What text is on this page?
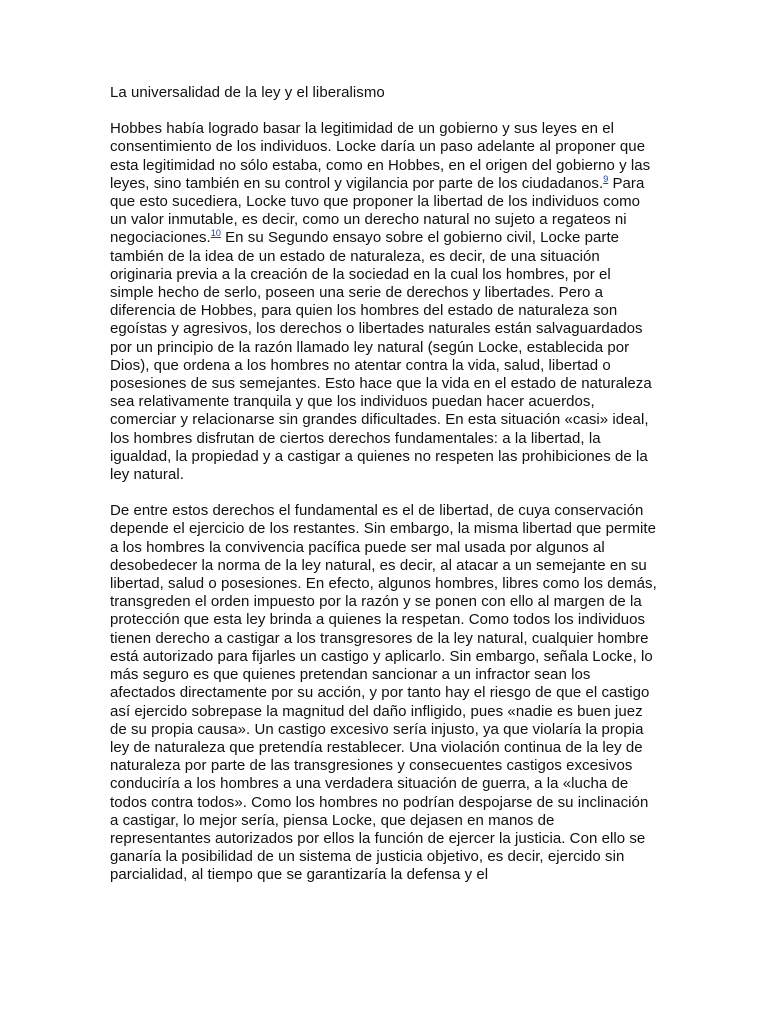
La universalidad de la ley y el liberalismo
Hobbes había logrado basar la legitimidad de un gobierno y sus leyes en el consentimiento de los individuos. Locke daría un paso adelante al proponer que esta legitimidad no sólo estaba, como en Hobbes, en el origen del gobierno y las leyes, sino también en su control y vigilancia por parte de los ciudadanos.$^9$ Para que esto sucediera, Locke tuvo que proponer la libertad de los individuos como un valor inmutable, es decir, como un derecho natural no sujeto a regateos ni negociaciones.$^{10}$ En su Segundo ensayo sobre el gobierno civil, Locke parte también de la idea de un estado de naturaleza, es decir, de una situación originaria previa a la creación de la sociedad en la cual los hombres, por el simple hecho de serlo, poseen una serie de derechos y libertades. Pero a diferencia de Hobbes, para quien los hombres del estado de naturaleza son egoístas y agresivos, los derechos o libertades naturales están salvaguardados por un principio de la razón llamado ley natural (según Locke, establecida por Dios), que ordena a los hombres no atentar contra la vida, salud, libertad o posesiones de sus semejantes. Esto hace que la vida en el estado de naturaleza sea relativamente tranquila y que los individuos puedan hacer acuerdos, comerciar y relacionarse sin grandes dificultades. En esta situación «casi» ideal, los hombres disfrutan de ciertos derechos fundamentales: a la libertad, la igualdad, la propiedad y a castigar a quienes no respeten las prohibiciones de la ley natural.
De entre estos derechos el fundamental es el de libertad, de cuya conservación depende el ejercicio de los restantes. Sin embargo, la misma libertad que permite a los hombres la convivencia pacífica puede ser mal usada por algunos al desobedecer la norma de la ley natural, es decir, al atacar a un semejante en su libertad, salud o posesiones. En efecto, algunos hombres, libres como los demás, transgreden el orden impuesto por la razón y se ponen con ello al margen de la protección que esta ley brinda a quienes la respetan. Como todos los individuos tienen derecho a castigar a los transgresores de la ley natural, cualquier hombre está autorizado para fijarles un castigo y aplicarlo. Sin embargo, señala Locke, lo más seguro es que quienes pretendan sancionar a un infractor sean los afectados directamente por su acción, y por tanto hay el riesgo de que el castigo así ejercido sobrepase la magnitud del daño infligido, pues «nadie es buen juez de su propia causa». Un castigo excesivo sería injusto, ya que violaría la propia ley de naturaleza que pretendía restablecer. Una violación continua de la ley de naturaleza por parte de las transgresiones y consecuentes castigos excesivos conduciría a los hombres a una verdadera situación de guerra, a la «lucha de todos contra todos». Como los hombres no podrían despojarse de su inclinación a castigar, lo mejor sería, piensa Locke, que dejasen en manos de representantes autorizados por ellos la función de ejercer la justicia. Con ello se ganaría la posibilidad de un sistema de justicia objetivo, es decir, ejercido sin parcialidad, al tiempo que se garantizaría la defensa y el
